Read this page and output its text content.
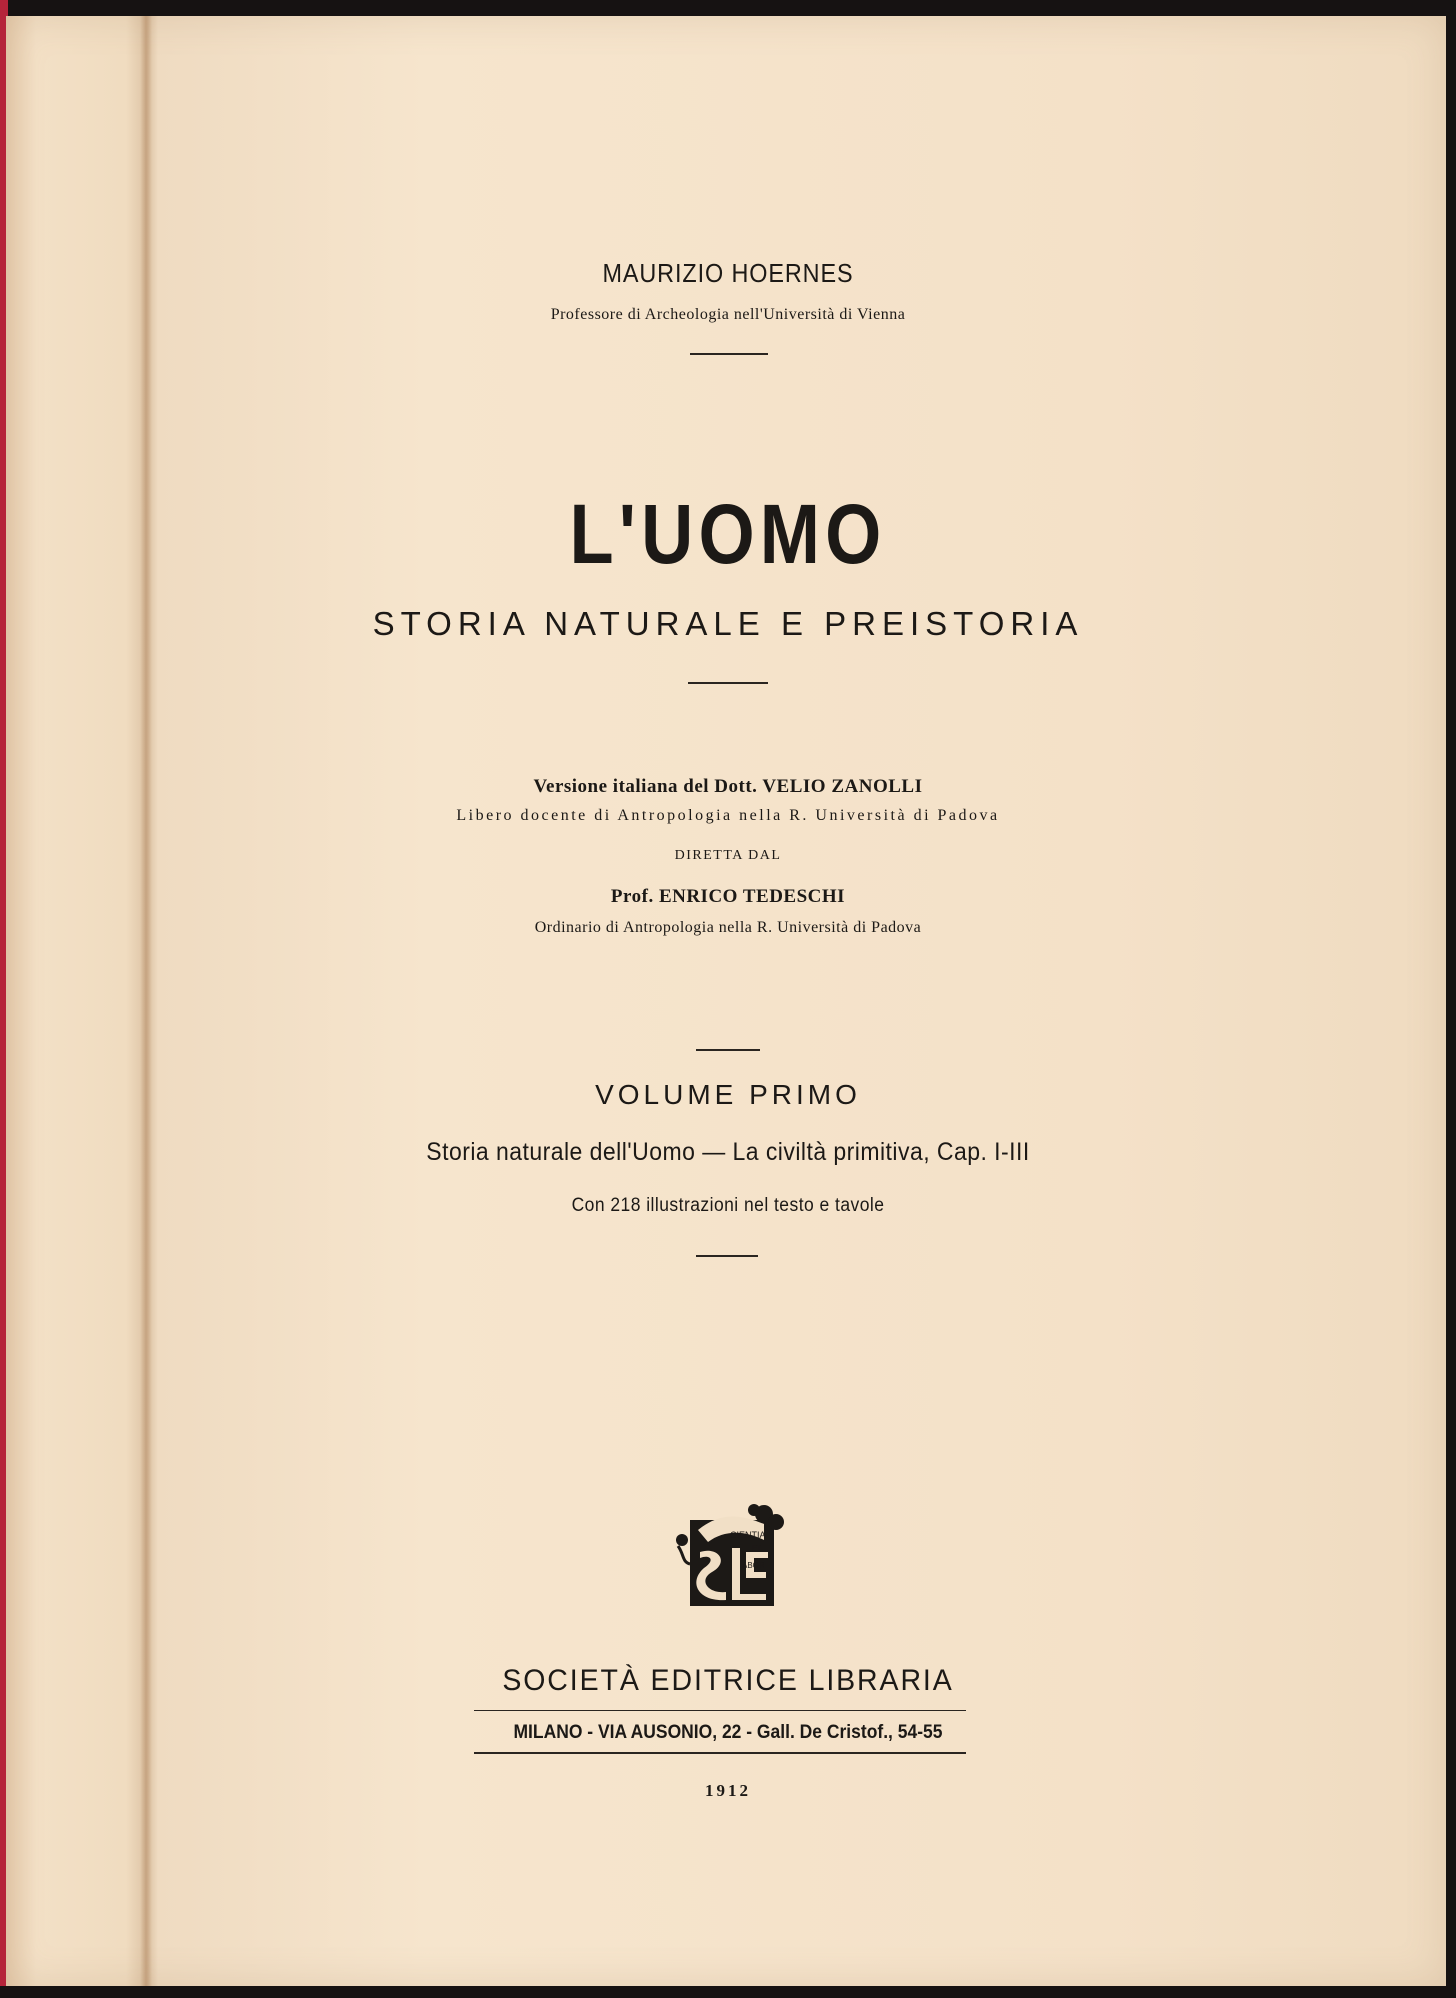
MAURIZIO HOERNES
Professore di Archeologia nell'Università di Vienna
L'UOMO
STORIA NATURALE E PREISTORIA
Versione italiana del Dott. VELIO ZANOLLI
Libero docente di Antropologia nella R. Università di Padova
DIRETTA DAL
Prof. ENRICO TEDESCHI
Ordinario di Antropologia nella R. Università di Padova
VOLUME PRIMO
Storia naturale dell'Uomo — La civiltà primitiva, Cap. I-III
Con 218 illustrazioni nel testo e tavole
CIENTIA
ET
ABOR
SOCIETÀ EDITRICE LIBRARIA
MILANO - VIA AUSONIO, 22 - Gall. De Cristof., 54-55
1912
